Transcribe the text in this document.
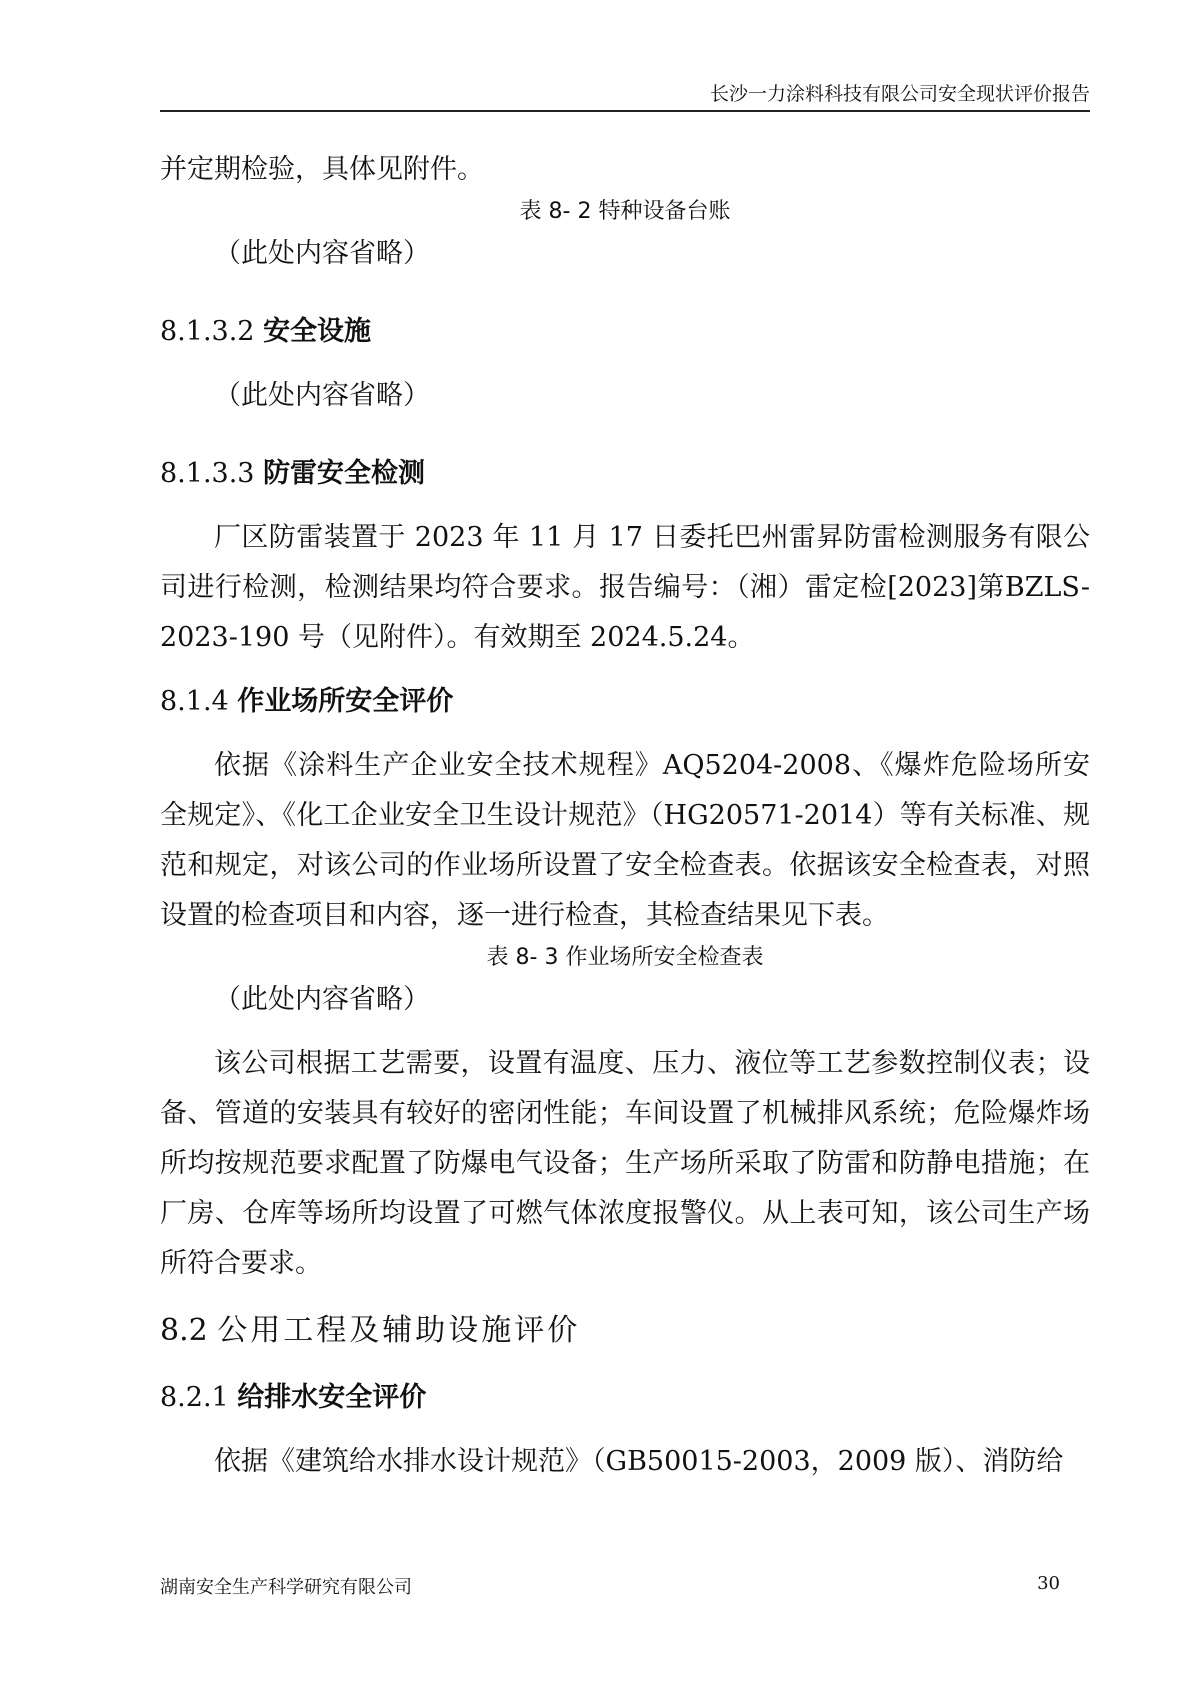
长沙一力涂料科技有限公司安全现状评价报告

并定期检验，具体见附件。

表 8- 2 特种设备台账

（此处内容省略）

8.1.3.2 安全设施

（此处内容省略）

8.1.3.3 防雷安全检测

厂区防雷装置于 2023 年 11 月 17 日委托巴州雷昇防雷检测服务有限公司进行检测，检测结果均符合要求。报告编号：（湘）雷定检[2023]第BZLS-2023-190 号（见附件）。有效期至 2024.5.24。

8.1.4 作业场所安全评价

依据《涂料生产企业安全技术规程》AQ5204-2008、《爆炸危险场所安全规定》、《化工企业安全卫生设计规范》（HG20571-2014）等有关标准、规范和规定，对该公司的作业场所设置了安全检查表。依据该安全检查表，对照设置的检查项目和内容，逐一进行检查，其检查结果见下表。

表 8- 3 作业场所安全检查表

（此处内容省略）

该公司根据工艺需要，设置有温度、压力、液位等工艺参数控制仪表；设备、管道的安装具有较好的密闭性能；车间设置了机械排风系统；危险爆炸场所均按规范要求配置了防爆电气设备；生产场所采取了防雷和防静电措施；在厂房、仓库等场所均设置了可燃气体浓度报警仪。从上表可知，该公司生产场所符合要求。

8.2 公用工程及辅助设施评价
8.2.1 给排水安全评价

依据《建筑给水排水设计规范》（GB50015-2003，2009 版）、消防给

湖南安全生产科学研究有限公司	30
